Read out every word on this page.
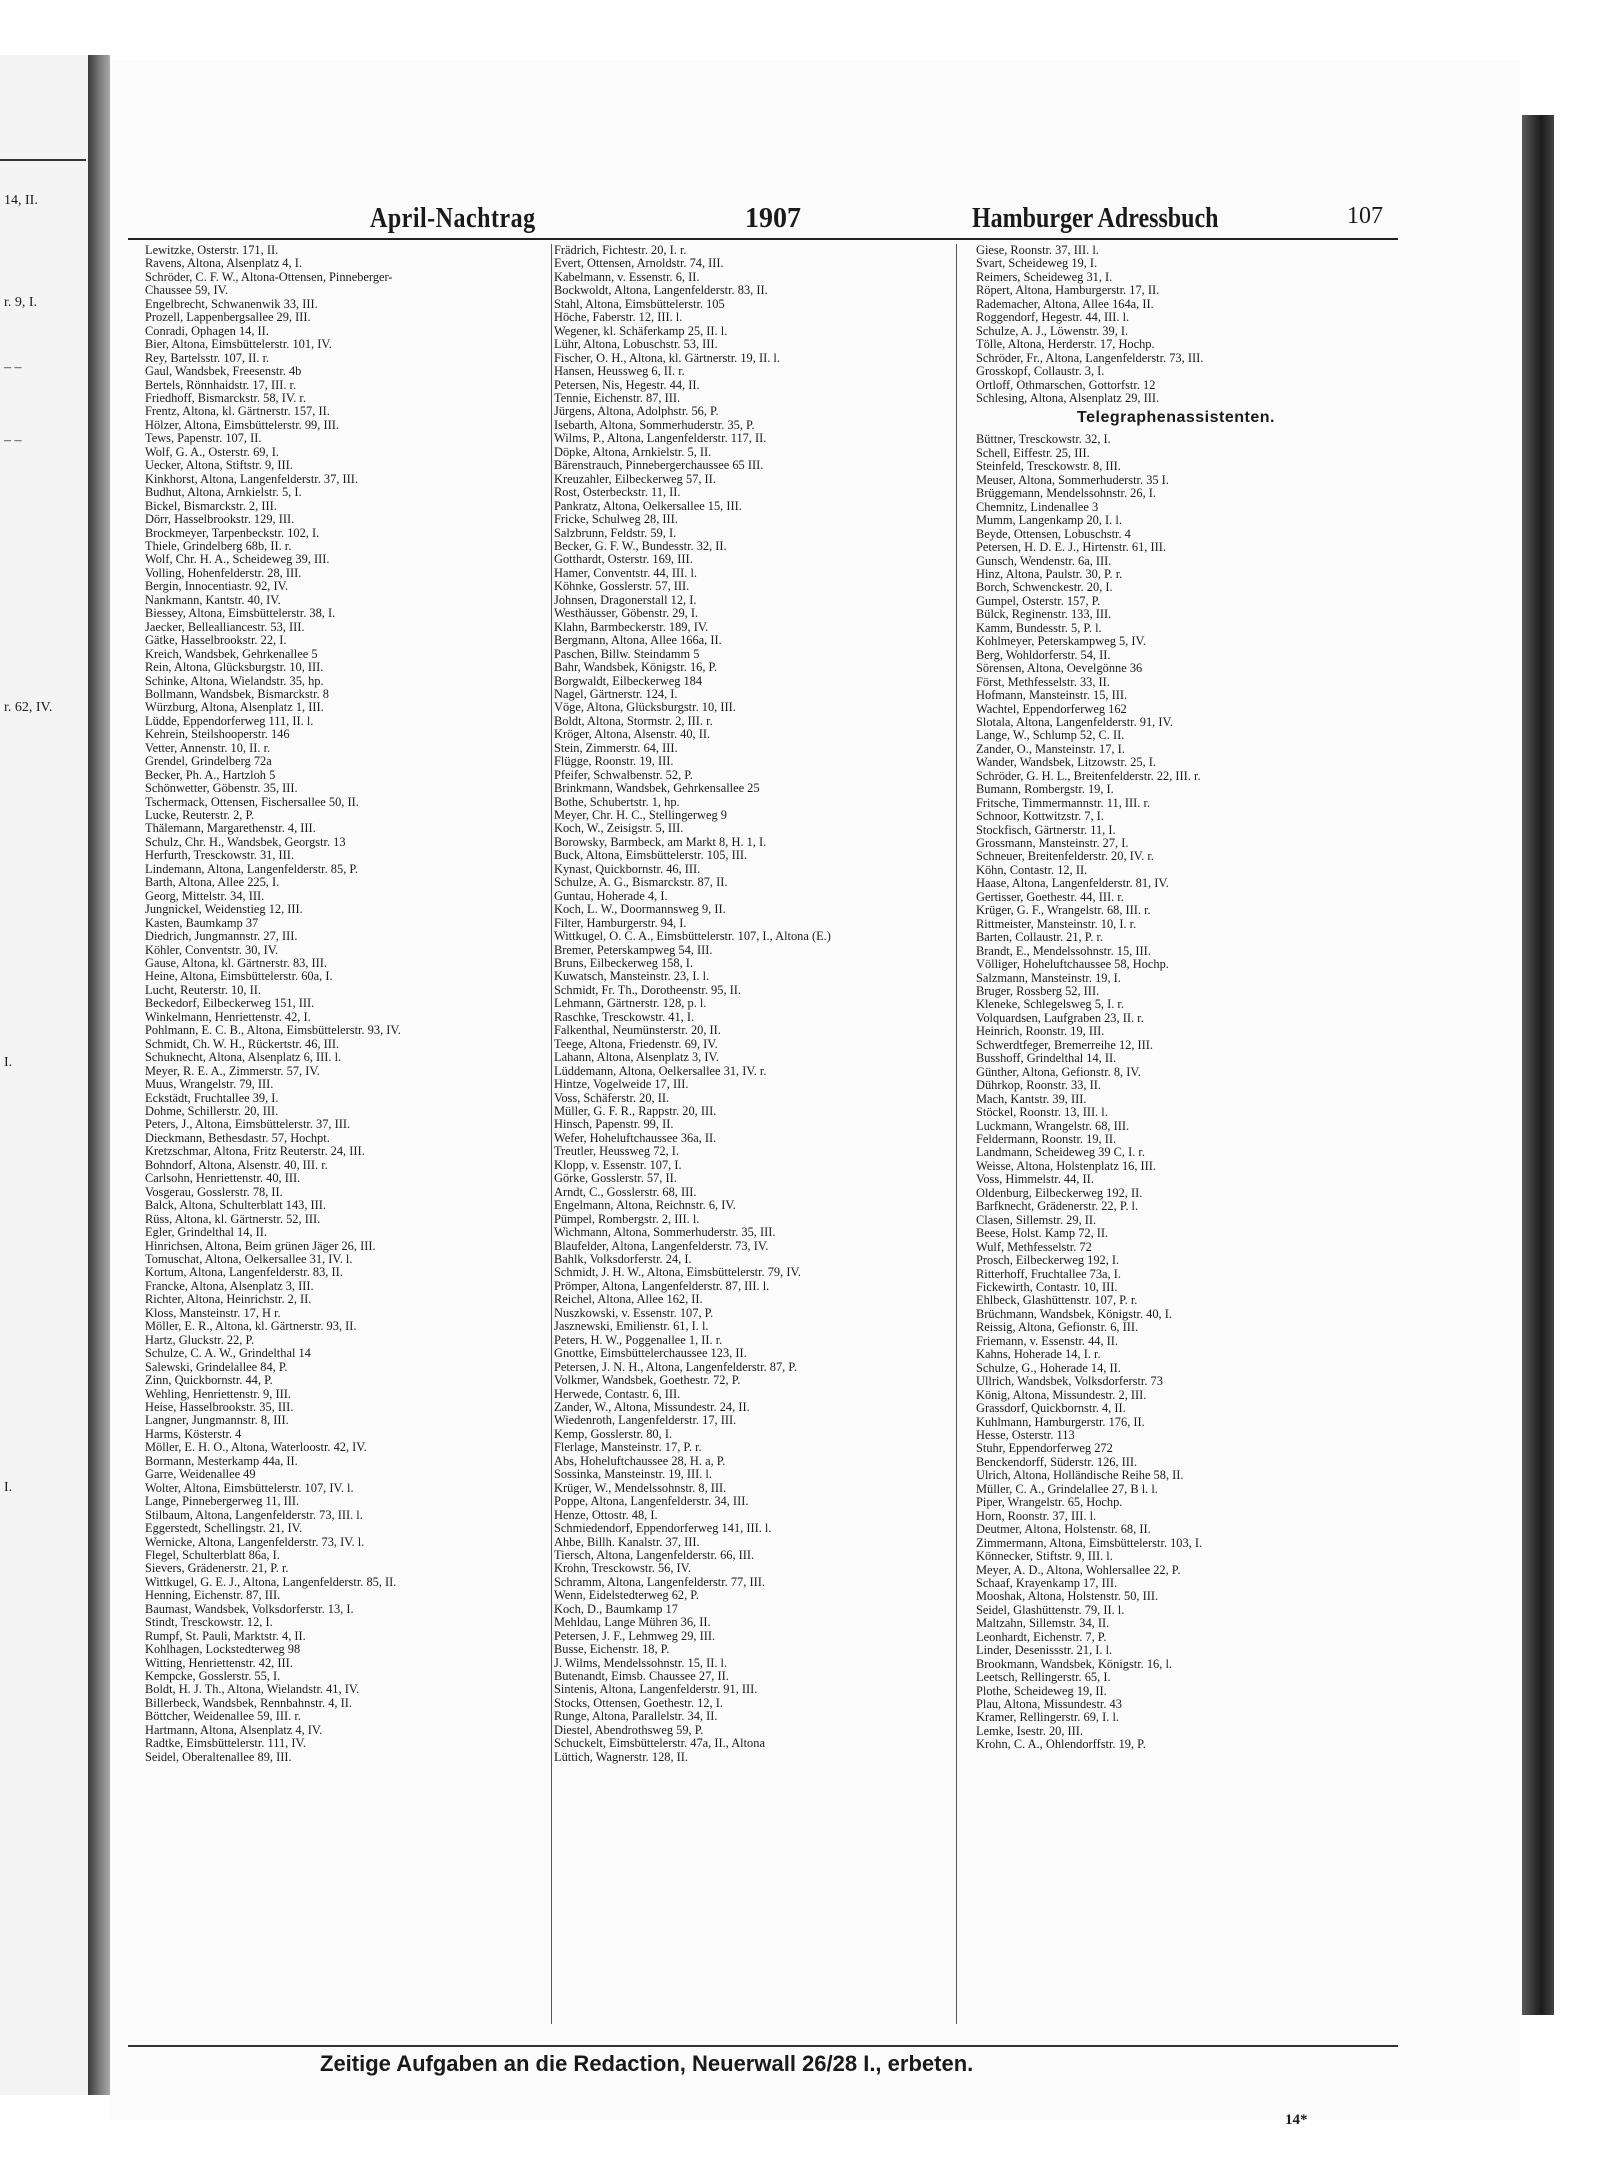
14, II.
r. 9, I.
– –
– –
r. 62, IV.
I.
I.
April-Nachtrag	1907	Hamburger Adressbuch	107
Lewitzke, Osterstr. 171, II.
Ravens, Altona, Alsenplatz 4, I.
Schröder, C. F. W., Altona-Ottensen, Pinneberger-
Chaussee 59, IV.
Engelbrecht, Schwanenwik 33, III.
Prozell, Lappenbergsallee 29, III.
Conradi, Ophagen 14, II.
Bier, Altona, Eimsbüttelerstr. 101, IV.
Rey, Bartelsstr. 107, II. r.
Gaul, Wandsbek, Freesenstr. 4b
Bertels, Rönnhaidstr. 17, III. r.
Friedhoff, Bismarckstr. 58, IV. r.
Frentz, Altona, kl. Gärtnerstr. 157, II.
Hölzer, Altona, Eimsbüttelerstr. 99, III.
Tews, Papenstr. 107, II.
Wolf, G. A., Osterstr. 69, I.
Uecker, Altona, Stiftstr. 9, III.
Kinkhorst, Altona, Langenfelderstr. 37, III.
Budhut, Altona, Arnkielstr. 5, I.
Bickel, Bismarckstr. 2, III.
Dörr, Hasselbrookstr. 129, III.
Brockmeyer, Tarpenbeckstr. 102, I.
Thiele, Grindelberg 68b, II. r.
Wolf, Chr. H. A., Scheideweg 39, III.
Volling, Hohenfelderstr. 28, III.
Bergin, Innocentiastr. 92, IV.
Nankmann, Kantstr. 40, IV.
Biessey, Altona, Eimsbüttelerstr. 38, I.
Jaecker, Bellealliancestr. 53, III.
Gätke, Hasselbrookstr. 22, I.
Kreich, Wandsbek, Gehrkenallee 5
Rein, Altona, Glücksburgstr. 10, III.
Schinke, Altona, Wielandstr. 35, hp.
Bollmann, Wandsbek, Bismarckstr. 8
Würzburg, Altona, Alsenplatz 1, III.
Lüdde, Eppendorferweg 111, II. l.
Kehrein, Steilshooperstr. 146
Vetter, Annenstr. 10, II. r.
Grendel, Grindelberg 72a
Becker, Ph. A., Hartzloh 5
Schönwetter, Göbenstr. 35, III.
Tschermack, Ottensen, Fischersallee 50, II.
Lucke, Reuterstr. 2, P.
Thälemann, Margarethenstr. 4, III.
Schulz, Chr. H., Wandsbek, Georgstr. 13
Herfurth, Tresckowstr. 31, III.
Lindemann, Altona, Langenfelderstr. 85, P.
Barth, Altona, Allee 225, I.
Georg, Mittelstr. 34, III.
Jungnickel, Weidenstieg 12, III.
Kasten, Baumkamp 37
Diedrich, Jungmannstr. 27, III.
Köhler, Conventstr. 30, IV.
Gause, Altona, kl. Gärtnerstr. 83, III.
Heine, Altona, Eimsbüttelerstr. 60a, I.
Lucht, Reuterstr. 10, II.
Beckedorf, Eilbeckerweg 151, III.
Winkelmann, Henriettenstr. 42, I.
Pohlmann, E. C. B., Altona, Eimsbüttelerstr. 93, IV.
Schmidt, Ch. W. H., Rückertstr. 46, III.
Schuknecht, Altona, Alsenplatz 6, III. l.
Meyer, R. E. A., Zimmerstr. 57, IV.
Muus, Wrangelstr. 79, III.
Eckstädt, Fruchtallee 39, I.
Dohme, Schillerstr. 20, III.
Peters, J., Altona, Eimsbüttelerstr. 37, III.
Dieckmann, Bethesdastr. 57, Hochpt.
Kretzschmar, Altona, Fritz Reuterstr. 24, III.
Bohndorf, Altona, Alsenstr. 40, III. r.
Carlsohn, Henriettenstr. 40, III.
Vosgerau, Gosslerstr. 78, II.
Balck, Altona, Schulterblatt 143, III.
Rüss, Altona, kl. Gärtnerstr. 52, III.
Egler, Grindelthal 14, II.
Hinrichsen, Altona, Beim grünen Jäger 26, III.
Tomuschat, Altona, Oelkersallee 31, IV. l.
Kortum, Altona, Langenfelderstr. 83, II.
Francke, Altona, Alsenplatz 3, III.
Richter, Altona, Heinrichstr. 2, II.
Kloss, Mansteinstr. 17, H r.
Möller, E. R., Altona, kl. Gärtnerstr. 93, II.
Hartz, Gluckstr. 22, P.
Schulze, C. A. W., Grindelthal 14
Salewski, Grindelallee 84, P.
Zinn, Quickbornstr. 44, P.
Wehling, Henriettenstr. 9, III.
Heise, Hasselbrookstr. 35, III.
Langner, Jungmannstr. 8, III.
Harms, Kösterstr. 4
Möller, E. H. O., Altona, Waterloostr. 42, IV.
Bormann, Mesterkamp 44a, II.
Garre, Weidenallee 49
Wolter, Altona, Eimsbüttelerstr. 107, IV. l.
Lange, Pinnebergerweg 11, III.
Stilbaum, Altona, Langenfelderstr. 73, III. l.
Eggerstedt, Schellingstr. 21, IV.
Wernicke, Altona, Langenfelderstr. 73, IV. l.
Flegel, Schulterblatt 86a, I.
Sievers, Grädenerstr. 21, P. r.
Wittkugel, G. E. J., Altona, Langenfelderstr. 85, II.
Henning, Eichenstr. 87, III.
Baumast, Wandsbek, Volksdorferstr. 13, I.
Stindt, Tresckowstr. 12, I.
Rumpf, St. Pauli, Marktstr. 4, II.
Kohlhagen, Lockstedterweg 98
Witting, Henriettenstr. 42, III.
Kempcke, Gosslerstr. 55, I.
Boldt, H. J. Th., Altona, Wielandstr. 41, IV.
Billerbeck, Wandsbek, Rennbahnstr. 4, II.
Böttcher, Weidenallee 59, III. r.
Hartmann, Altona, Alsenplatz 4, IV.
Radtke, Eimsbüttelerstr. 111, IV.
Seidel, Oberaltenallee 89, III.
Frädrich, Fichtestr. 20, I. r.
Evert, Ottensen, Arnoldstr. 74, III.
Kabelmann, v. Essenstr. 6, II.
Bockwoldt, Altona, Langenfelderstr. 83, II.
Stahl, Altona, Eimsbüttelerstr. 105
Höche, Faberstr. 12, III. l.
Wegener, kl. Schäferkamp 25, II. l.
Lühr, Altona, Lobuschstr. 53, III.
Fischer, O. H., Altona, kl. Gärtnerstr. 19, II. l.
Hansen, Heussweg 6, II. r.
Petersen, Nis, Hegestr. 44, II.
Tennie, Eichenstr. 87, III.
Jürgens, Altona, Adolphstr. 56, P.
Isebarth, Altona, Sommerhuderstr. 35, P.
Wilms, P., Altona, Langenfelderstr. 117, II.
Döpke, Altona, Arnkielstr. 5, II.
Bärenstrauch, Pinnebergerchaussee 65 III.
Kreuzahler, Eilbeckerweg 57, II.
Rost, Osterbeckstr. 11, II.
Pankratz, Altona, Oelkersallee 15, III.
Fricke, Schulweg 28, III.
Salzbrunn, Feldstr. 59, I.
Becker, G. F. W., Bundesstr. 32, II.
Gotthardt, Osterstr. 169, III.
Hamer, Conventstr. 44, III. l.
Köhnke, Gosslerstr. 57, III.
Johnsen, Dragonerstall 12, I.
Westhäusser, Göbenstr. 29, I.
Klahn, Barmbeckerstr. 189, IV.
Bergmann, Altona, Allee 166a, II.
Paschen, Billw. Steindamm 5
Bahr, Wandsbek, Königstr. 16, P.
Borgwaldt, Eilbeckerweg 184
Nagel, Gärtnerstr. 124, I.
Vöge, Altona, Glücksburgstr. 10, III.
Boldt, Altona, Stormstr. 2, III. r.
Kröger, Altona, Alsenstr. 40, II.
Stein, Zimmerstr. 64, III.
Flügge, Roonstr. 19, III.
Pfeifer, Schwalbenstr. 52, P.
Brinkmann, Wandsbek, Gehrkensallee 25
Bothe, Schubertstr. 1, hp.
Meyer, Chr. H. C., Stellingerweg 9
Koch, W., Zeisigstr. 5, III.
Borowsky, Barmbeck, am Markt 8, H. 1, I.
Buck, Altona, Eimsbüttelerstr. 105, III.
Kynast, Quickbornstr. 46, III.
Schulze, A. G., Bismarckstr. 87, II.
Guntau, Hoherade 4, I.
Koch, L. W., Doormannsweg 9, II.
Filter, Hamburgerstr. 94, I.
Wittkugel, O. C. A., Eimsbüttelerstr. 107, I., Altona (E.)
Bremer, Peterskampweg 54, III.
Bruns, Eilbeckerweg 158, I.
Kuwatsch, Mansteinstr. 23, I. l.
Schmidt, Fr. Th., Dorotheenstr. 95, II.
Lehmann, Gärtnerstr. 128, p. l.
Raschke, Tresckowstr. 41, I.
Falkenthal, Neumünsterstr. 20, II.
Teege, Altona, Friedenstr. 69, IV.
Lahann, Altona, Alsenplatz 3, IV.
Lüddemann, Altona, Oelkersallee 31, IV. r.
Hintze, Vogelweide 17, III.
Voss, Schäferstr. 20, II.
Müller, G. F. R., Rappstr. 20, III.
Hinsch, Papenstr. 99, II.
Wefer, Hoheluftchaussee 36a, II.
Treutler, Heussweg 72, I.
Klopp, v. Essenstr. 107, I.
Görke, Gosslerstr. 57, II.
Arndt, C., Gosslerstr. 68, III.
Engelmann, Altona, Reichnstr. 6, IV.
Pümpel, Rombergstr. 2, III. l.
Wichmann, Altona, Sommerhuderstr. 35, III.
Blaufelder, Altona, Langenfelderstr. 73, IV.
Bahlk, Volksdorferstr. 24, I.
Schmidt, J. H. W., Altona, Eimsbüttelerstr. 79, IV.
Prömper, Altona, Langenfelderstr. 87, III. l.
Reichel, Altona, Allee 162, II.
Nuszkowski, v. Essenstr. 107, P.
Jasznewski, Emilienstr. 61, I. l.
Peters, H. W., Poggenallee 1, II. r.
Gnottke, Eimsbüttelerchaussee 123, II.
Petersen, J. N. H., Altona, Langenfelderstr. 87, P.
Volkmer, Wandsbek, Goethestr. 72, P.
Herwede, Contastr. 6, III.
Zander, W., Altona, Missundestr. 24, II.
Wiedenroth, Langenfelderstr. 17, III.
Kemp, Gosslerstr. 80, I.
Flerlage, Mansteinstr. 17, P. r.
Abs, Hoheluftchaussee 28, H. a, P.
Sossinka, Mansteinstr. 19, III. l.
Krüger, W., Mendelssohnstr. 8, III.
Poppe, Altona, Langenfelderstr. 34, III.
Henze, Ottostr. 48, I.
Schmiedendorf, Eppendorferweg 141, III. l.
Ahbe, Billh. Kanalstr. 37, III.
Tiersch, Altona, Langenfelderstr. 66, III.
Krohn, Tresckowstr. 56, IV.
Schramm, Altona, Langenfelderstr. 77, III.
Wenn, Eidelstedterweg 62, P.
Koch, D., Baumkamp 17
Mehldau, Lange Mühren 36, II.
Petersen, J. F., Lehmweg 29, III.
Busse, Eichenstr. 18, P.
J. Wilms, Mendelssohnstr. 15, II. l.
Butenandt, Eimsb. Chaussee 27, II.
Sintenis, Altona, Langenfelderstr. 91, III.
Stocks, Ottensen, Goethestr. 12, I.
Runge, Altona, Parallelstr. 34, II.
Diestel, Abendrothsweg 59, P.
Schuckelt, Eimsbüttelerstr. 47a, II., Altona
Lüttich, Wagnerstr. 128, II.
Giese, Roonstr. 37, III. l.
Svart, Scheideweg 19, I.
Reimers, Scheideweg 31, I.
Röpert, Altona, Hamburgerstr. 17, II.
Rademacher, Altona, Allee 164a, II.
Roggendorf, Hegestr. 44, III. l.
Schulze, A. J., Löwenstr. 39, I.
Tölle, Altona, Herderstr. 17, Hochp.
Schröder, Fr., Altona, Langenfelderstr. 73, III.
Grosskopf, Collaustr. 3, I.
Ortloff, Othmarschen, Gottorfstr. 12
Schlesing, Altona, Alsenplatz 29, III.
Telegraphenassistenten.
Büttner, Tresckowstr. 32, I.
Schell, Eiffestr. 25, III.
Steinfeld, Tresckowstr. 8, III.
Meuser, Altona, Sommerhuderstr. 35 I.
Brüggemann, Mendelssohnstr. 26, I.
Chemnitz, Lindenallee 3
Mumm, Langenkamp 20, I. l.
Beyde, Ottensen, Lobuschstr. 4
Petersen, H. D. E. J., Hirtenstr. 61, III.
Gunsch, Wendenstr. 6a, III.
Hinz, Altona, Paulstr. 30, P. r.
Borch, Schwenckestr. 20, I.
Gumpel, Osterstr. 157, P.
Bülck, Reginenstr. 133, III.
Kamm, Bundesstr. 5, P. l.
Kohlmeyer, Peterskampweg 5, IV.
Berg, Wohldorferstr. 54, II.
Sörensen, Altona, Oevelgönne 36
Först, Methfesselstr. 33, II.
Hofmann, Mansteinstr. 15, III.
Wachtel, Eppendorferweg 162
Slotala, Altona, Langenfelderstr. 91, IV.
Lange, W., Schlump 52, C. II.
Zander, O., Mansteinstr. 17, I.
Wander, Wandsbek, Litzowstr. 25, I.
Schröder, G. H. L., Breitenfelderstr. 22, III. r.
Bumann, Rombergstr. 19, I.
Fritsche, Timmermannstr. 11, III. r.
Schnoor, Kottwitzstr. 7, I.
Stockfisch, Gärtnerstr. 11, I.
Grossmann, Mansteinstr. 27, I.
Schneuer, Breitenfelderstr. 20, IV. r.
Köhn, Contastr. 12, II.
Haase, Altona, Langenfelderstr. 81, IV.
Gertisser, Goethestr. 44, III. r.
Krüger, G. F., Wrangelstr. 68, III. r.
Rittmeister, Mansteinstr. 10, I. r.
Barten, Collaustr. 21, P. r.
Brandt, E., Mendelssohnstr. 15, III.
Völliger, Hoheluftchaussee 58, Hochp.
Salzmann, Mansteinstr. 19, I.
Bruger, Rossberg 52, III.
Kleneke, Schlegelsweg 5, I. r.
Volquardsen, Laufgraben 23, II. r.
Heinrich, Roonstr. 19, III.
Schwerdtfeger, Bremerreihe 12, III.
Busshoff, Grindelthal 14, II.
Günther, Altona, Gefionstr. 8, IV.
Dührkop, Roonstr. 33, II.
Mach, Kantstr. 39, III.
Stöckel, Roonstr. 13, III. l.
Luckmann, Wrangelstr. 68, III.
Feldermann, Roonstr. 19, II.
Landmann, Scheideweg 39 C, I. r.
Weisse, Altona, Holstenplatz 16, III.
Voss, Himmelstr. 44, II.
Oldenburg, Eilbeckerweg 192, II.
Barfknecht, Grädenerstr. 22, P. l.
Clasen, Sillemstr. 29, II.
Beese, Holst. Kamp 72, II.
Wulf, Methfesselstr. 72
Prosch, Eilbeckerweg 192, I.
Ritterhoff, Fruchtallee 73a, I.
Fickewirth, Contastr. 10, III.
Ehlbeck, Glashüttenstr. 107, P. r.
Brüchmann, Wandsbek, Königstr. 40, I.
Reissig, Altona, Gefionstr. 6, III.
Friemann, v. Essenstr. 44, II.
Kahns, Hoherade 14, I. r.
Schulze, G., Hoherade 14, II.
Ullrich, Wandsbek, Volksdorferstr. 73
König, Altona, Missundestr. 2, III.
Grassdorf, Quickbornstr. 4, II.
Kuhlmann, Hamburgerstr. 176, II.
Hesse, Osterstr. 113
Stuhr, Eppendorferweg 272
Benckendorff, Süderstr. 126, III.
Ulrich, Altona, Holländische Reihe 58, II.
Müller, C. A., Grindelallee 27, B l. l.
Piper, Wrangelstr. 65, Hochp.
Horn, Roonstr. 37, III. l.
Deutmer, Altona, Holstenstr. 68, II.
Zimmermann, Altona, Eimsbüttelerstr. 103, I.
Könnecker, Stiftstr. 9, III. l.
Meyer, A. D., Altona, Wohlersallee 22, P.
Schaaf, Krayenkamp 17, III.
Mooshak, Altona, Holstenstr. 50, III.
Seidel, Glashüttenstr. 79, II. l.
Maltzahn, Sillemstr. 34, II.
Leonhardt, Eichenstr. 7, P.
Linder, Desenissstr. 21, I. l.
Brookmann, Wandsbek, Königstr. 16, l.
Leetsch, Rellingerstr. 65, I.
Plothe, Scheideweg 19, II.
Plau, Altona, Missundestr. 43
Kramer, Rellingerstr. 69, I. l.
Lemke, Isestr. 20, III.
Krohn, C. A., Ohlendorffstr. 19, P.
Zeitige Aufgaben an die Redaction, Neuerwall 26/28 I., erbeten.
14*
